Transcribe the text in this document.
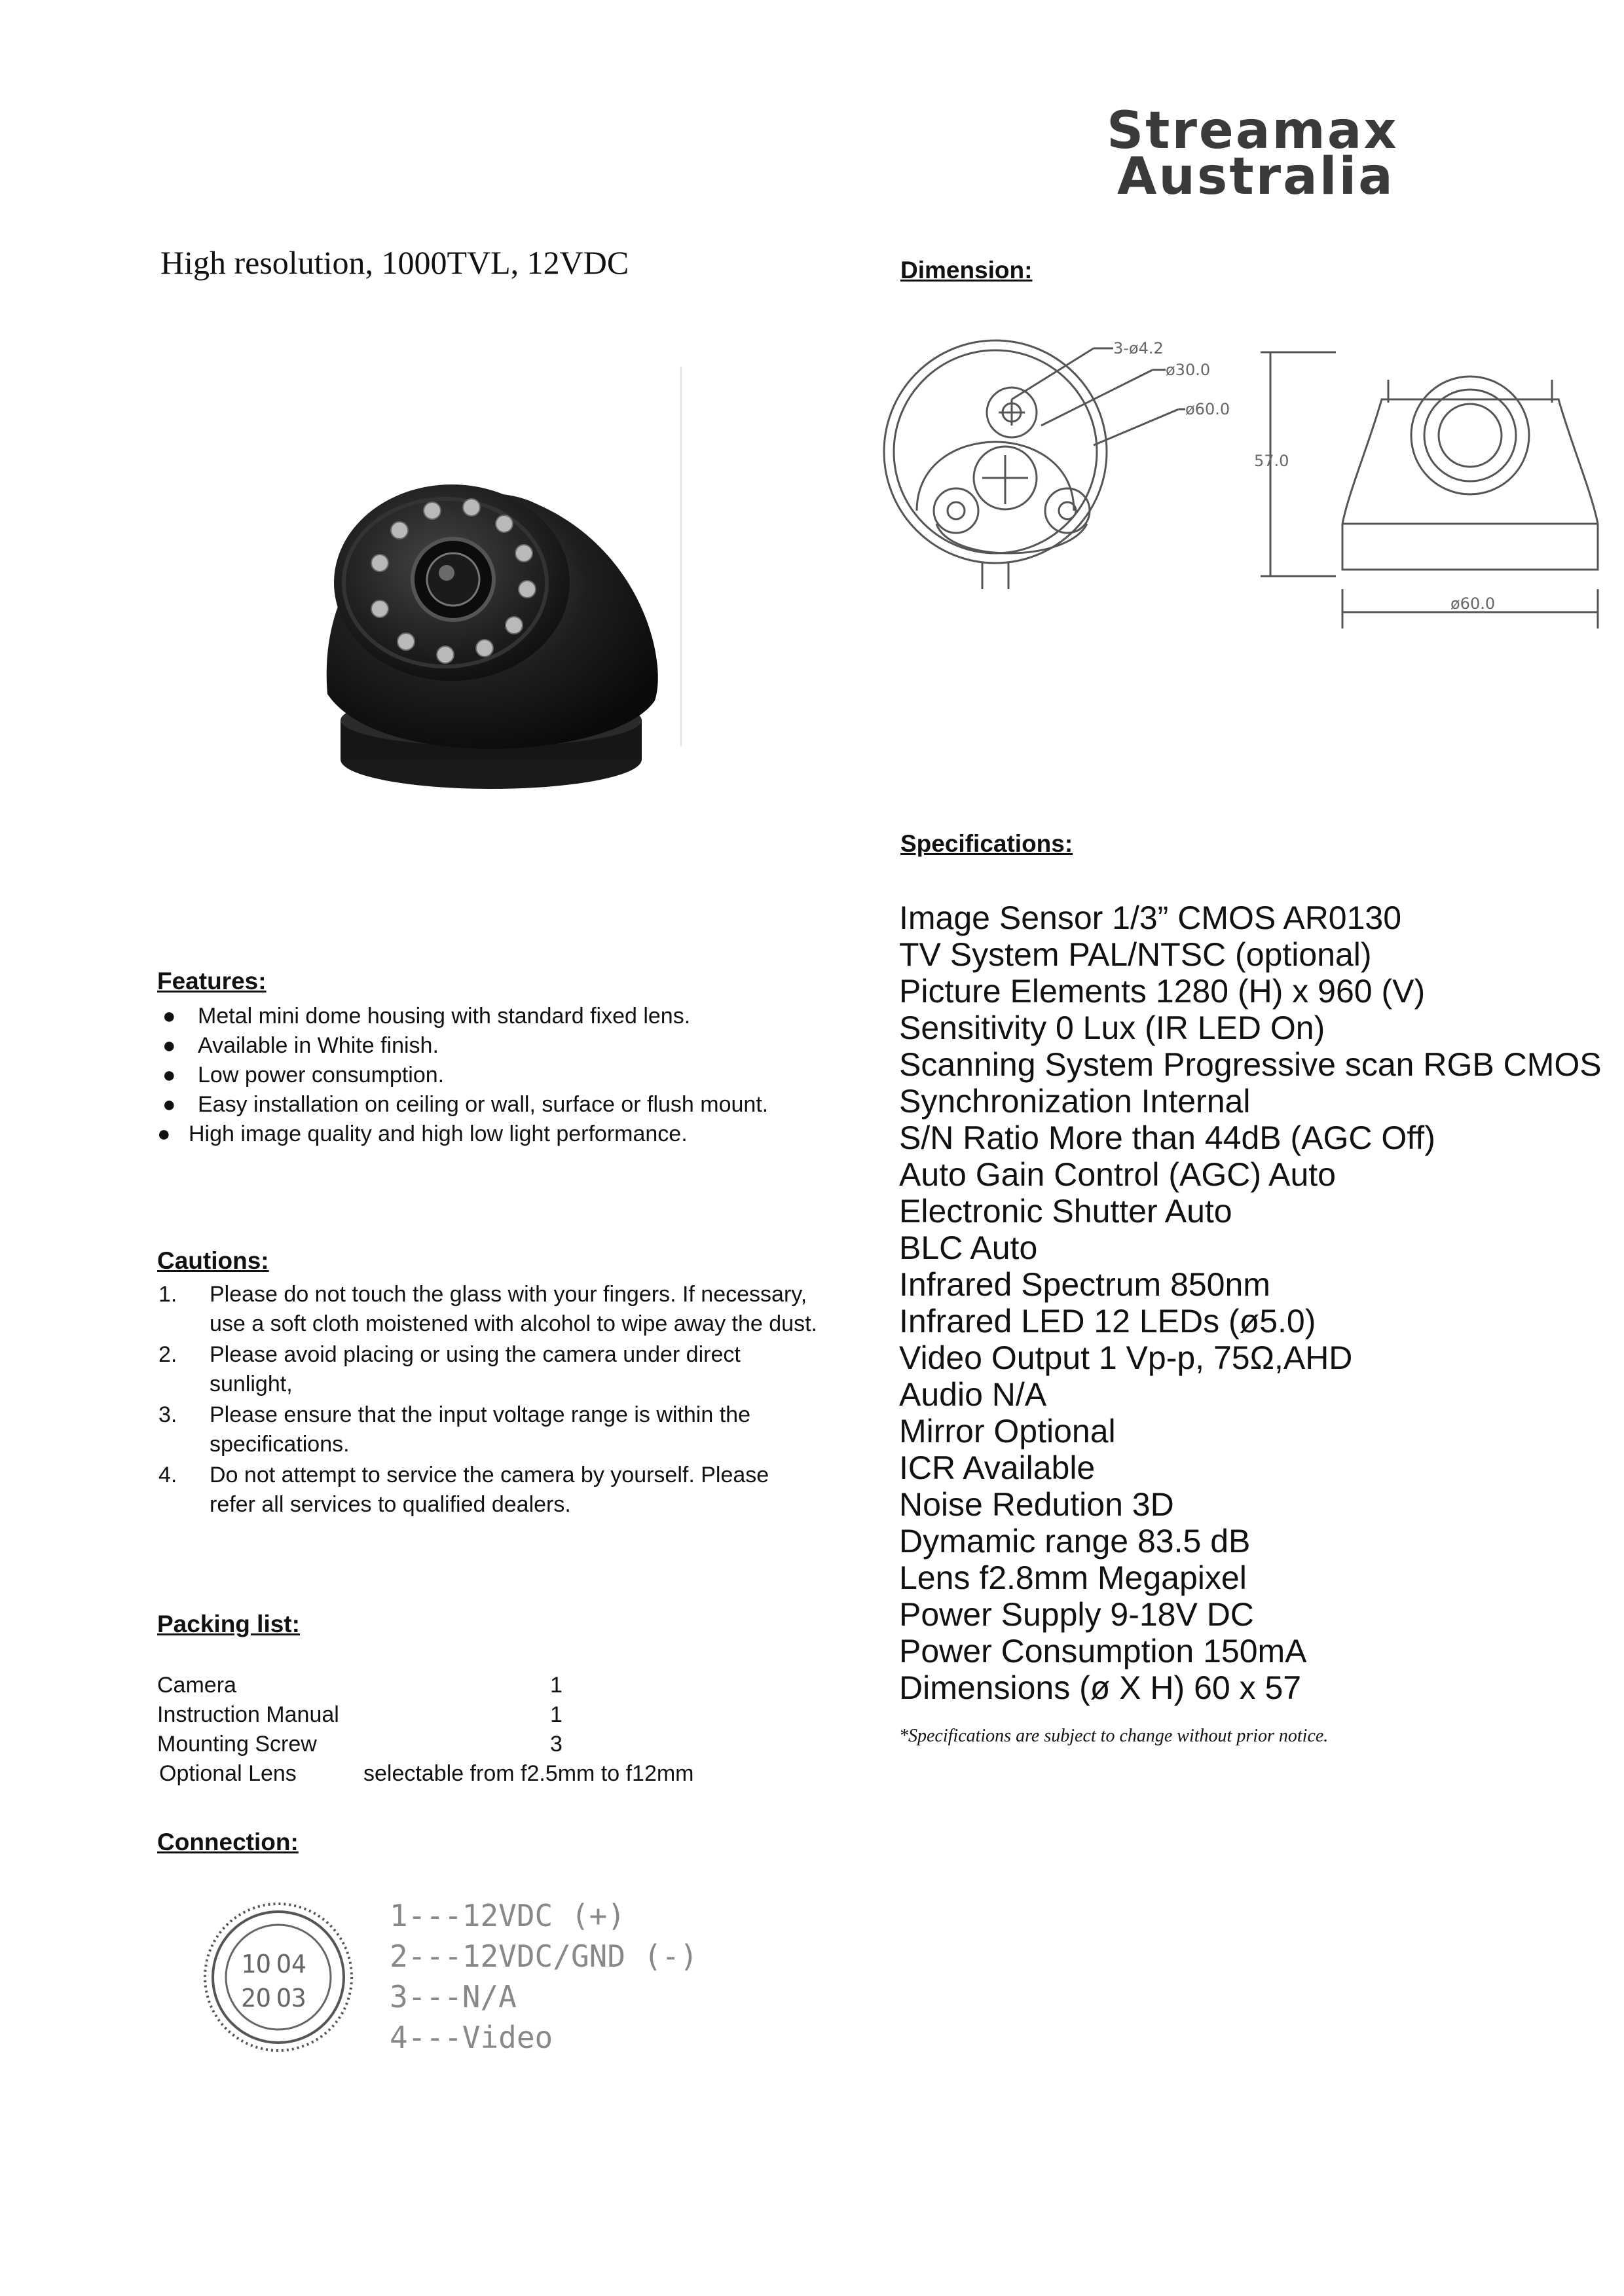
Streamax
Australia
High resolution, 1000TVL, 12VDC
Features:
● Metal mini dome housing with standard fixed lens.
● Available in White finish.
● Low power consumption.
● Easy installation on ceiling or wall, surface or flush mount.
● High image quality and high low light performance.
Cautions:
1. Please do not touch the glass with your fingers. If necessary, use a soft cloth moistened with alcohol to wipe away the dust.
2. Please avoid placing or using the camera under direct sunlight,
3. Please ensure that the input voltage range is within the specifications.
4. Do not attempt to service the camera by yourself. Please refer all services to qualified dealers.
Packing list:
Camera	1
Instruction Manual	1
Mounting Screw	3
Optional Lens	selectable from f2.5mm to f12mm
Connection:
1O O4
2O O3
1---12VDC (+)
2---12VDC/GND (-)
3---N/A
4---Video
Dimension:
3-ø4.2
ø30.0
ø60.0
57.0
ø60.0
Specifications:
Image Sensor 1/3” CMOS AR0130
TV System PAL/NTSC (optional)
Picture Elements 1280 (H) x 960 (V)
Sensitivity 0 Lux (IR LED On)
Scanning System Progressive scan RGB CMOS
Synchronization Internal
S/N Ratio More than 44dB (AGC Off)
Auto Gain Control (AGC) Auto
Electronic Shutter Auto
BLC Auto
Infrared Spectrum 850nm
Infrared LED 12 LEDs (ø5.0)
Video Output 1 Vp-p, 75Ω,AHD
Audio N/A
Mirror Optional
ICR Available
Noise Redution 3D
Dymamic range 83.5 dB
Lens f2.8mm Megapixel
Power Supply 9-18V DC
Power Consumption 150mA
Dimensions (ø X H) 60 x 57
*Specifications are subject to change without prior notice.
